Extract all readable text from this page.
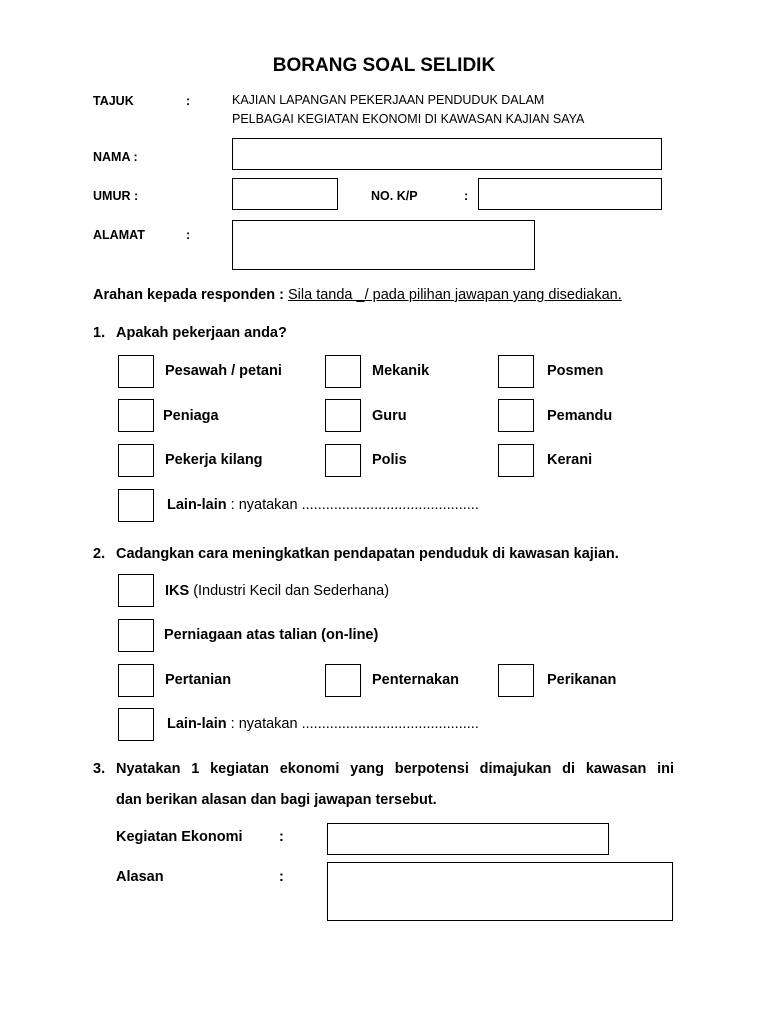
BORANG SOAL SELIDIK
TAJUK	:	KAJIAN LAPANGAN PEKERJAAN PENDUDUK DALAM
PELBAGAI KEGIATAN EKONOMI DI KAWASAN KAJIAN SAYA
NAMA :
UMUR :	NO. K/P	:
ALAMAT	:
Arahan kepada responden : Sila tanda _/ pada pilihan jawapan yang disediakan.
1. Apakah pekerjaan anda?
Pesawah / petani	Mekanik	Posmen
Peniaga	Guru	Pemandu
Pekerja kilang	Polis	Kerani
Lain-lain : nyatakan ............................................
2. Cadangkan cara meningkatkan pendapatan penduduk di kawasan kajian.
IKS (Industri Kecil dan Sederhana)
Perniagaan atas talian (on-line)
Pertanian	Penternakan	Perikanan
Lain-lain : nyatakan ............................................
3. Nyatakan 1 kegiatan ekonomi yang berpotensi dimajukan di kawasan ini
dan berikan alasan dan bagi jawapan tersebut.
Kegiatan Ekonomi	:
Alasan	:
